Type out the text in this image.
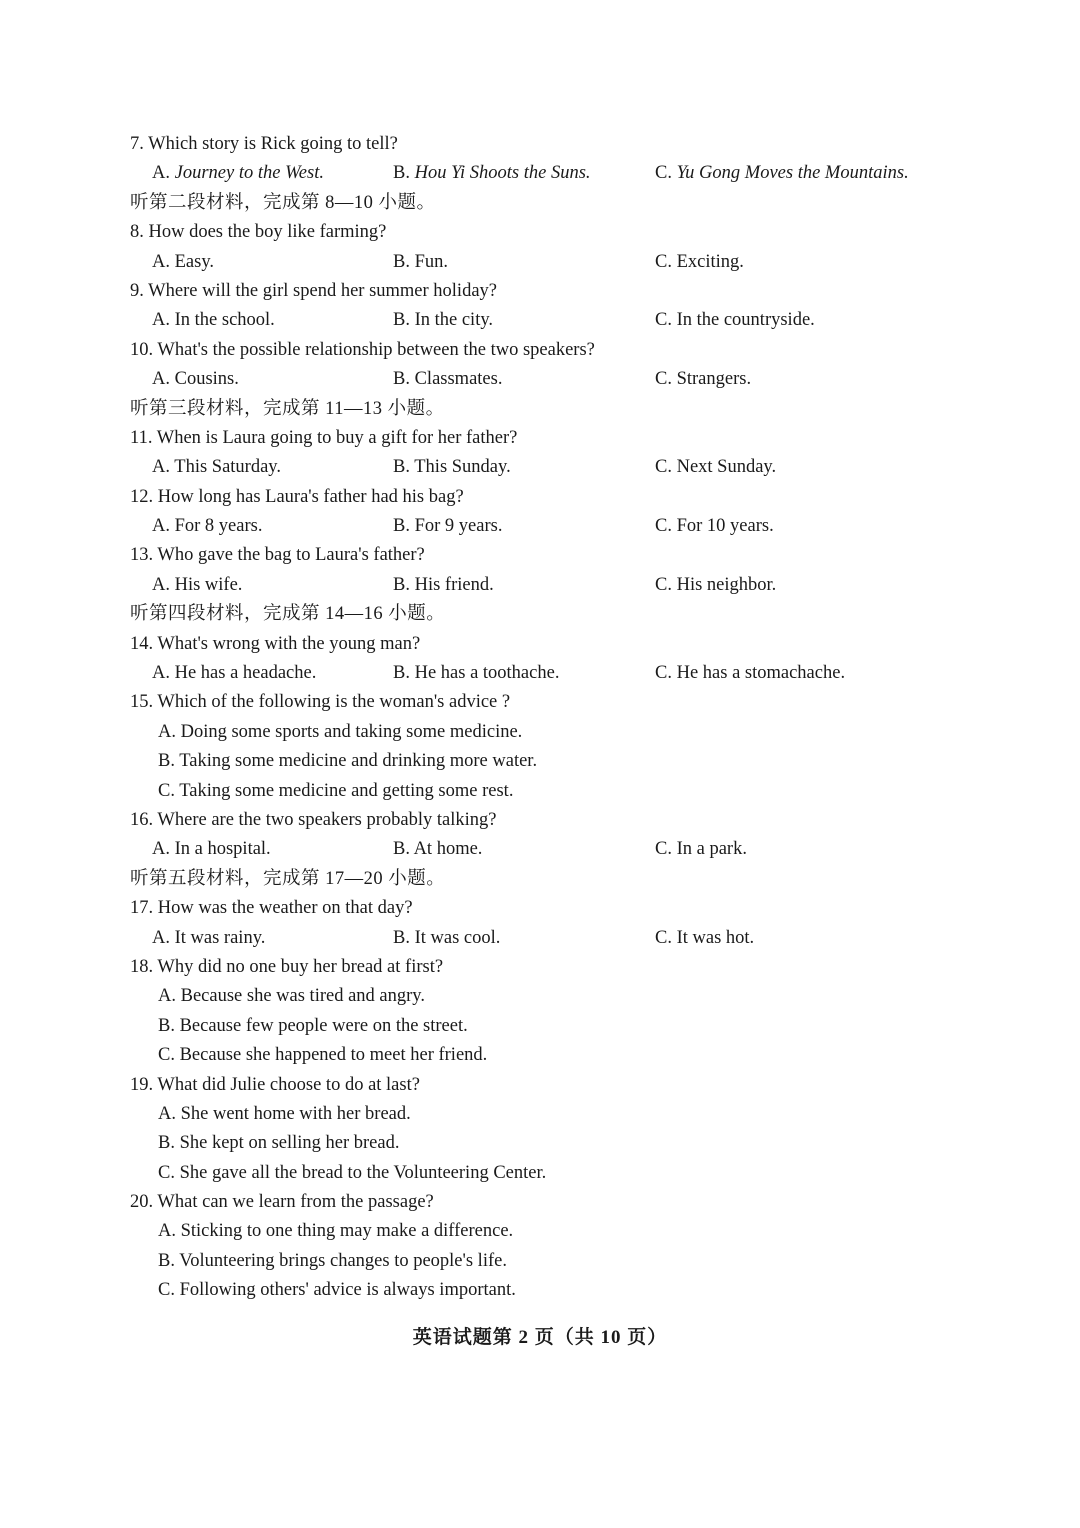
7. Which story is Rick going to tell?
A. Journey to the West.	B. Hou Yi Shoots the Suns.	C. Yu Gong Moves the Mountains.
听第二段材料，完成第 8—10 小题。
8. How does the boy like farming?
A. Easy.	B. Fun.	C. Exciting.
9. Where will the girl spend her summer holiday?
A. In the school.	B. In the city.	C. In the countryside.
10. What's the possible relationship between the two speakers?
A. Cousins.	B. Classmates.	C. Strangers.
听第三段材料，完成第 11—13 小题。
11. When is Laura going to buy a gift for her father?
A. This Saturday.	B. This Sunday.	C. Next Sunday.
12. How long has Laura's father had his bag?
A. For 8 years.	B. For 9 years.	C. For 10 years.
13. Who gave the bag to Laura's father?
A. His wife.	B. His friend.	C. His neighbor.
听第四段材料，完成第 14—16 小题。
14. What's wrong with the young man?
A. He has a headache.	B. He has a toothache.	C. He has a stomachache.
15. Which of the following is the woman's advice ?
A. Doing some sports and taking some medicine.
B. Taking some medicine and drinking more water.
C. Taking some medicine and getting some rest.
16. Where are the two speakers probably talking?
A. In a hospital.	B. At home.	C. In a park.
听第五段材料，完成第 17—20 小题。
17. How was the weather on that day?
A. It was rainy.	B. It was cool.	C. It was hot.
18. Why did no one buy her bread at first?
A. Because she was tired and angry.
B. Because few people were on the street.
C. Because she happened to meet her friend.
19. What did Julie choose to do at last?
A. She went home with her bread.
B. She kept on selling her bread.
C. She gave all the bread to the Volunteering Center.
20. What can we learn from the passage?
A. Sticking to one thing may make a difference.
B. Volunteering brings changes to people's life.
C. Following others' advice is always important.
英语试题第 2 页（共 10 页）
